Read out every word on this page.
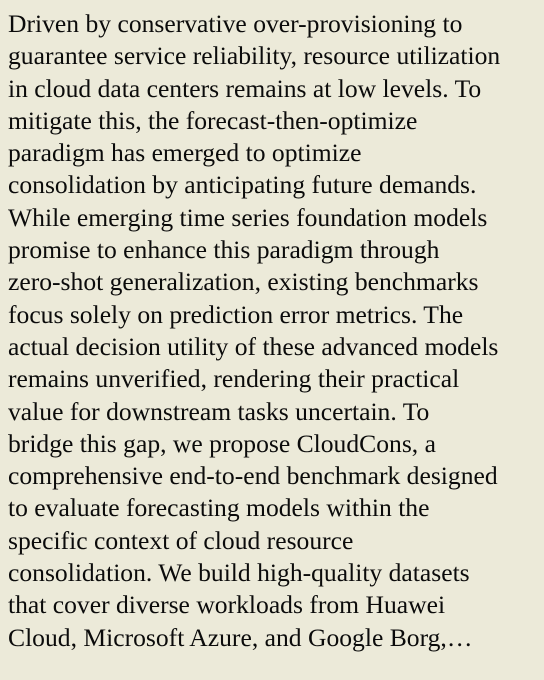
Driven by conservative over-provisioning to
guarantee service reliability, resource utilization
in cloud data centers remains at low levels. To
mitigate this, the forecast-then-optimize
paradigm has emerged to optimize
consolidation by anticipating future demands.
While emerging time series foundation models
promise to enhance this paradigm through
zero-shot generalization, existing benchmarks
focus solely on prediction error metrics. The
actual decision utility of these advanced models
remains unverified, rendering their practical
value for downstream tasks uncertain. To
bridge this gap, we propose CloudCons, a
comprehensive end-to-end benchmark designed
to evaluate forecasting models within the
specific context of cloud resource
consolidation. We build high-quality datasets
that cover diverse workloads from Huawei
Cloud, Microsoft Azure, and Google Borg,…
